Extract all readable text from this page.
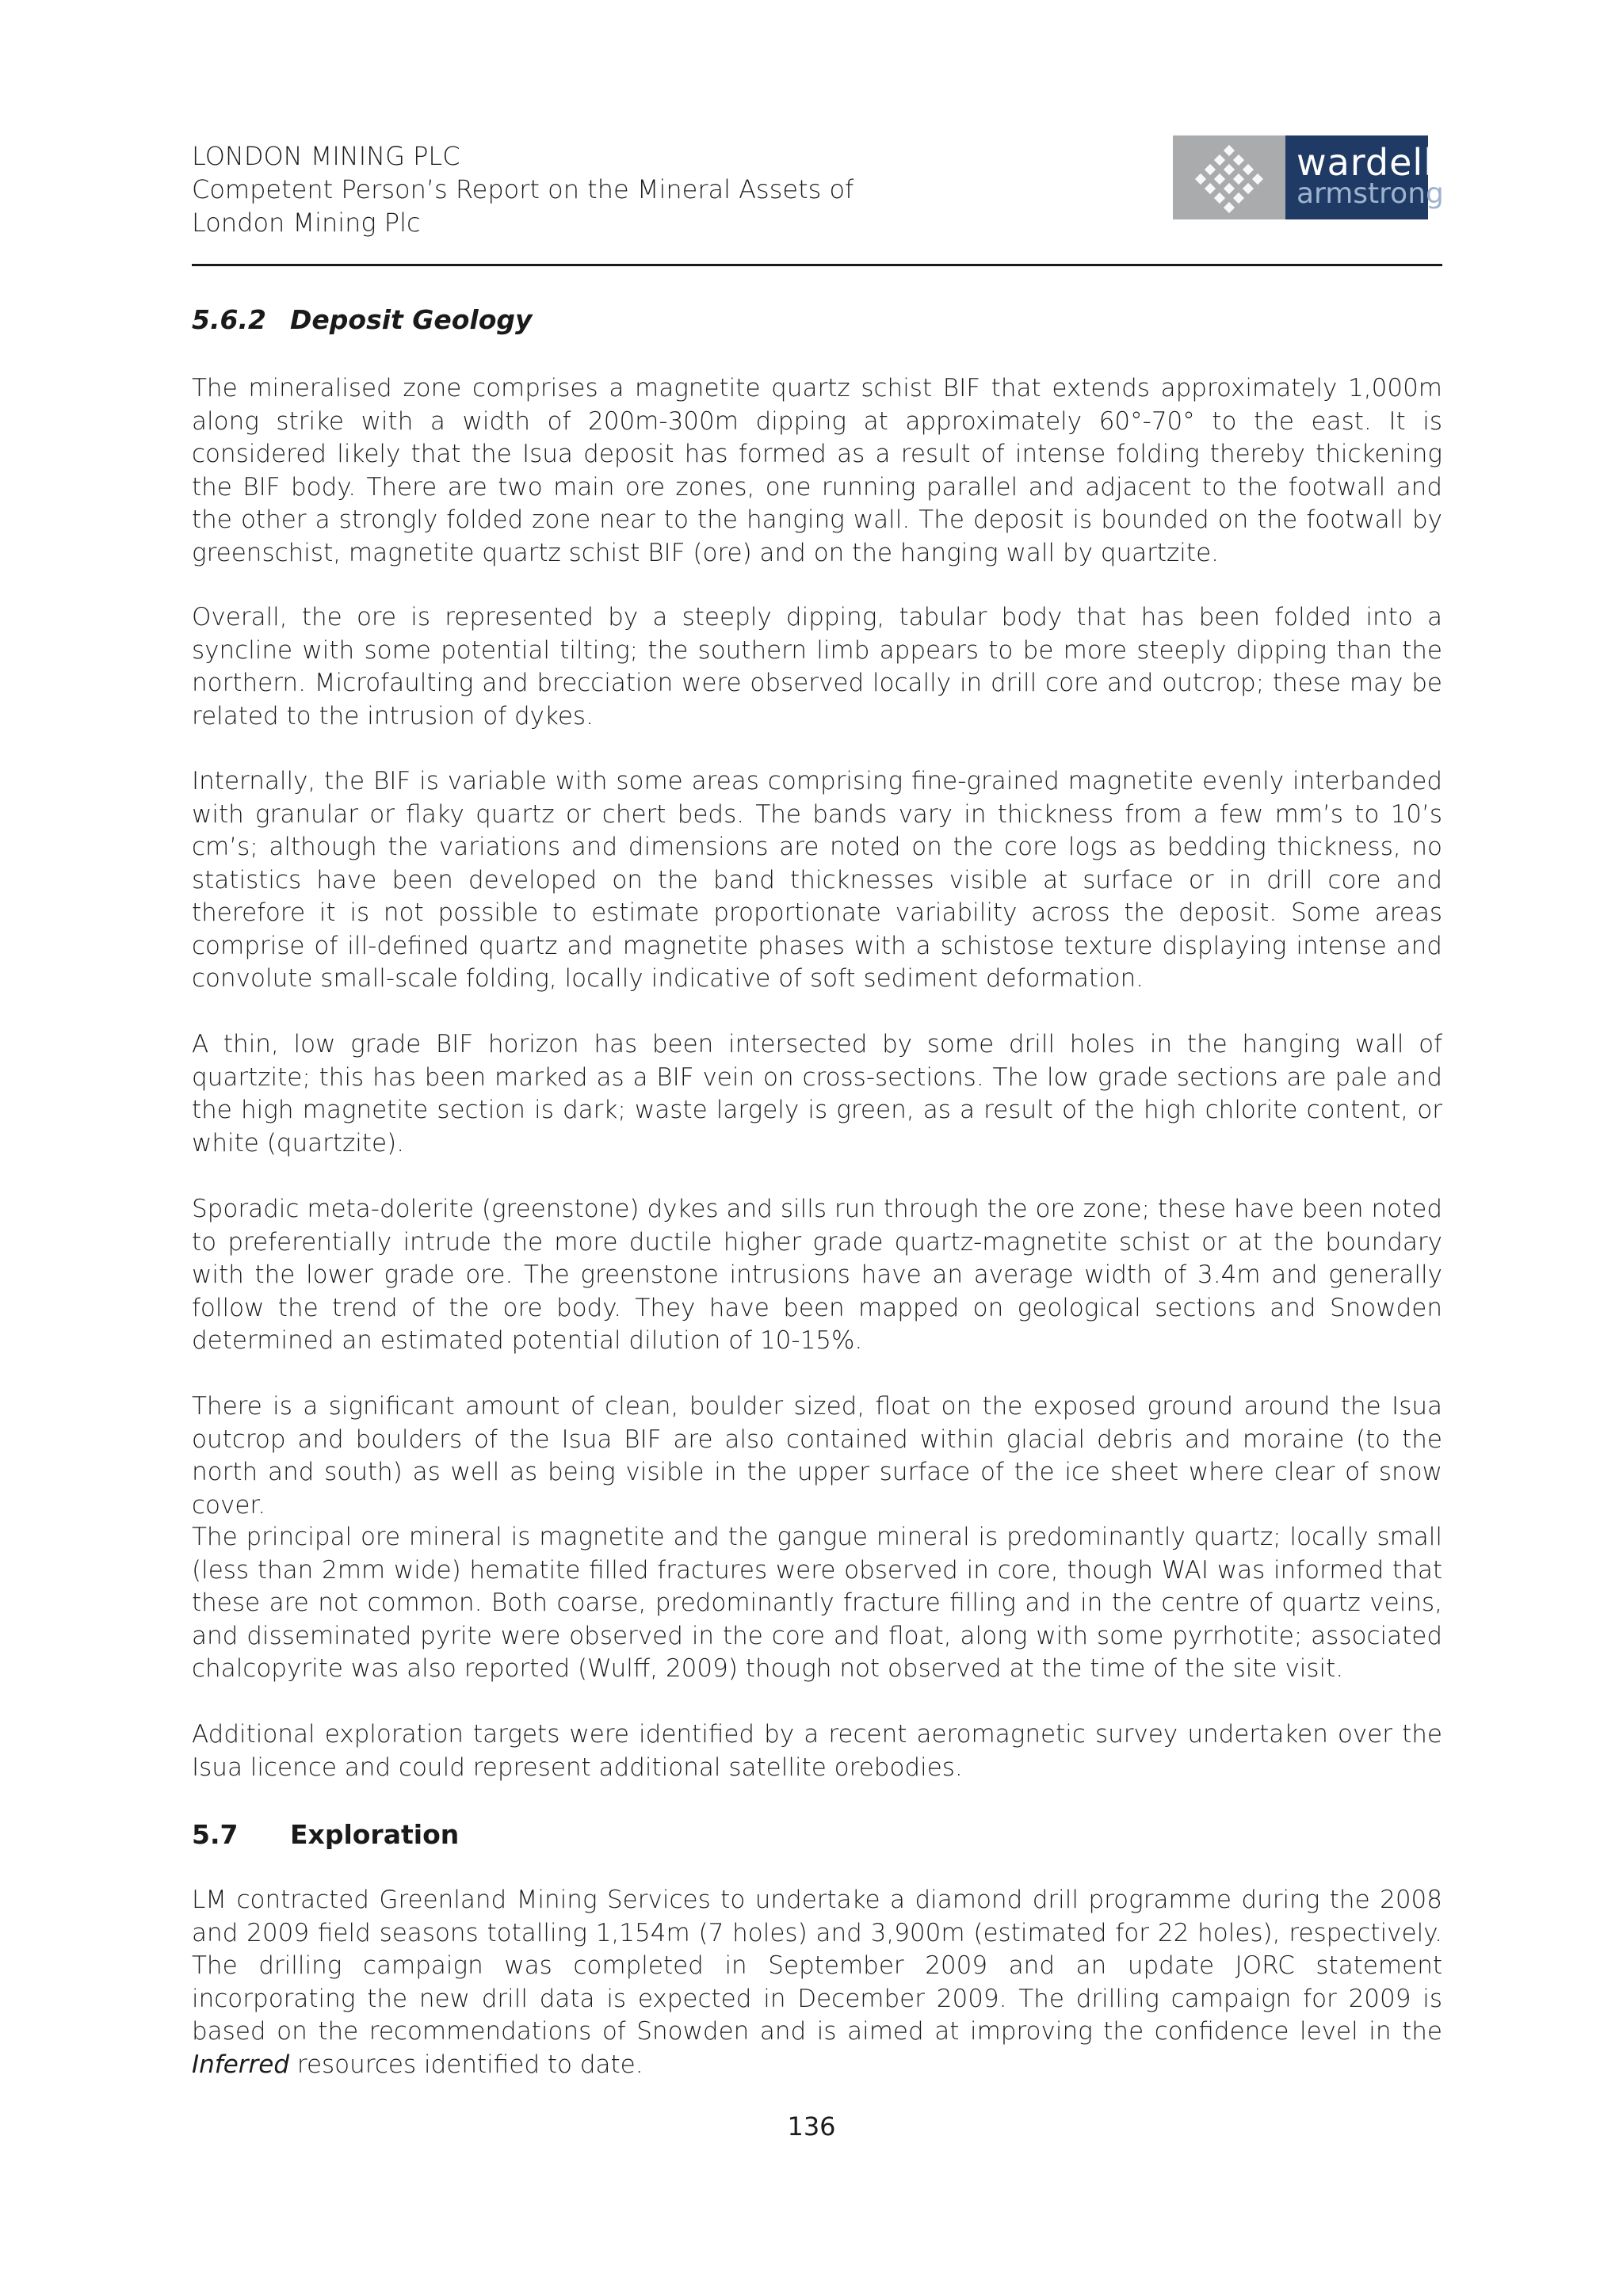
LONDON MINING PLC
Competent Person’s Report on the Mineral Assets of
London Mining Plc
wardell
armstrong
5.6.2 Deposit Geology

The mineralised zone comprises a magnetite quartz schist BIF that extends approximately 1,000m along strike with a width of 200m-300m dipping at approximately 60°-70° to the east. It is considered likely that the Isua deposit has formed as a result of intense folding thereby thickening the BIF body. There are two main ore zones, one running parallel and adjacent to the footwall and the other a strongly folded zone near to the hanging wall. The deposit is bounded on the footwall by greenschist, magnetite quartz schist BIF (ore) and on the hanging wall by quartzite.

Overall, the ore is represented by a steeply dipping, tabular body that has been folded into a syncline with some potential tilting; the southern limb appears to be more steeply dipping than the northern. Microfaulting and brecciation were observed locally in drill core and outcrop; these may be related to the intrusion of dykes.

Internally, the BIF is variable with some areas comprising fine-grained magnetite evenly interbanded with granular or flaky quartz or chert beds. The bands vary in thickness from a few mm’s to 10’s cm’s; although the variations and dimensions are noted on the core logs as bedding thickness, no statistics have been developed on the band thicknesses visible at surface or in drill core and therefore it is not possible to estimate proportionate variability across the deposit. Some areas comprise of ill-defined quartz and magnetite phases with a schistose texture displaying intense and convolute small-scale folding, locally indicative of soft sediment deformation.

A thin, low grade BIF horizon has been intersected by some drill holes in the hanging wall of quartzite; this has been marked as a BIF vein on cross-sections. The low grade sections are pale and the high magnetite section is dark; waste largely is green, as a result of the high chlorite content, or white (quartzite).

Sporadic meta-dolerite (greenstone) dykes and sills run through the ore zone; these have been noted to preferentially intrude the more ductile higher grade quartz-magnetite schist or at the boundary with the lower grade ore. The greenstone intrusions have an average width of 3.4m and generally follow the trend of the ore body. They have been mapped on geological sections and Snowden determined an estimated potential dilution of 10-15%.

There is a significant amount of clean, boulder sized, float on the exposed ground around the Isua outcrop and boulders of the Isua BIF are also contained within glacial debris and moraine (to the north and south) as well as being visible in the upper surface of the ice sheet where clear of snow cover.

The principal ore mineral is magnetite and the gangue mineral is predominantly quartz; locally small (less than 2mm wide) hematite filled fractures were observed in core, though WAI was informed that these are not common. Both coarse, predominantly fracture filling and in the centre of quartz veins, and disseminated pyrite were observed in the core and float, along with some pyrrhotite; associated chalcopyrite was also reported (Wulff, 2009) though not observed at the time of the site visit.

Additional exploration targets were identified by a recent aeromagnetic survey undertaken over the Isua licence and could represent additional satellite orebodies.

5.7 Exploration

LM contracted Greenland Mining Services to undertake a diamond drill programme during the 2008 and 2009 field seasons totalling 1,154m (7 holes) and 3,900m (estimated for 22 holes), respectively. The drilling campaign was completed in September 2009 and an update JORC statement incorporating the new drill data is expected in December 2009. The drilling campaign for 2009 is based on the recommendations of Snowden and is aimed at improving the confidence level in the Inferred resources identified to date.

136
